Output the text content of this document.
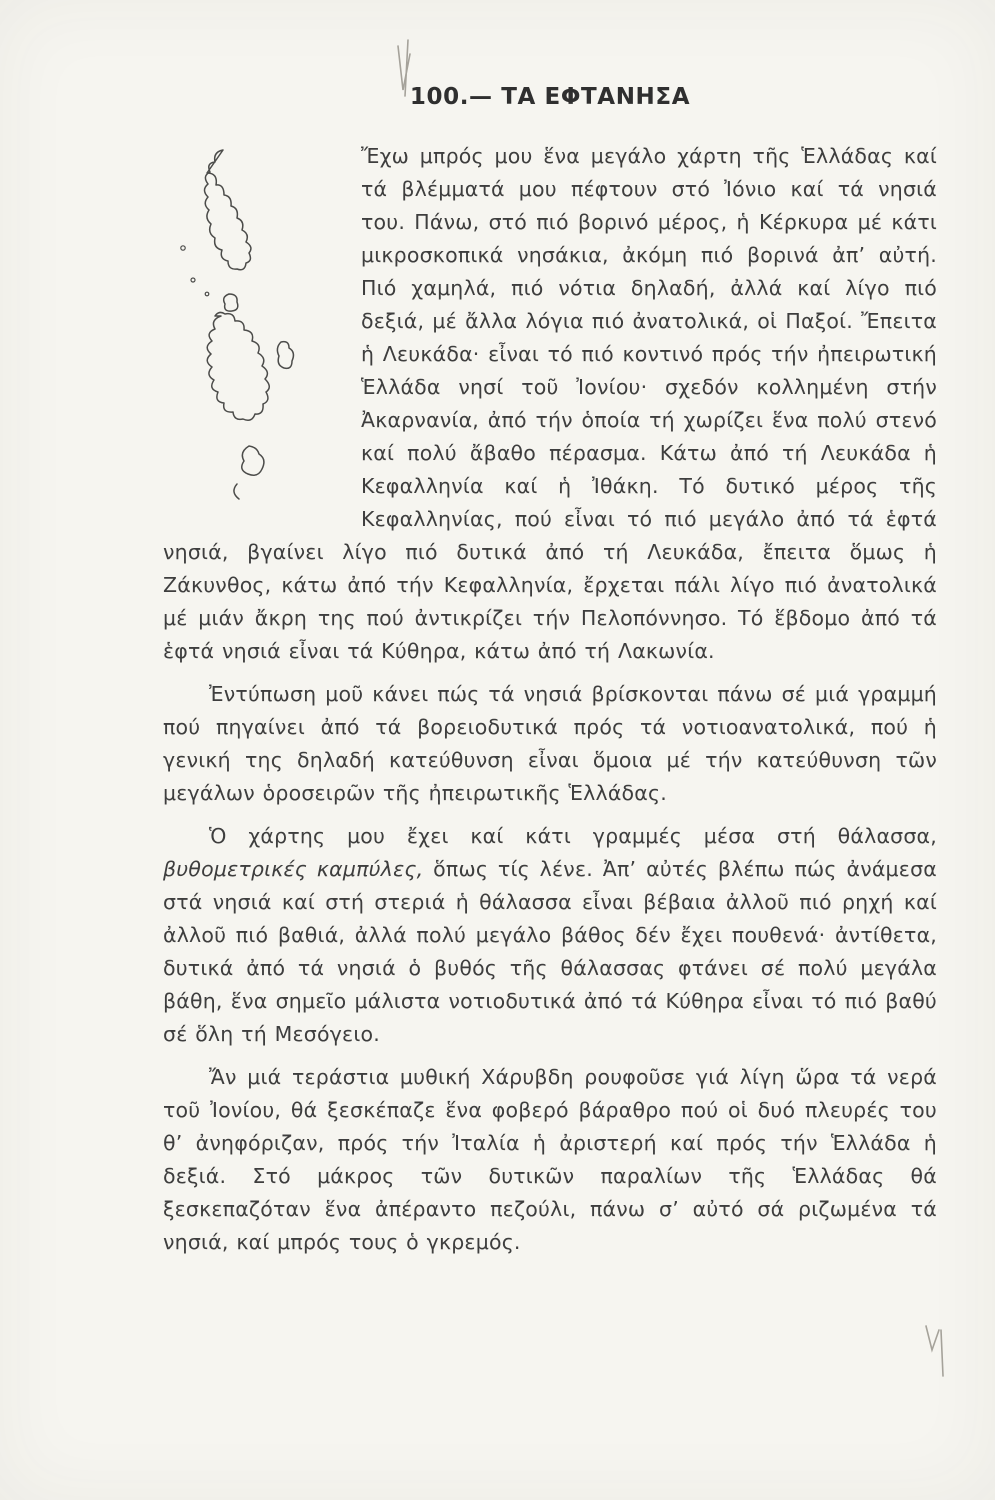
100.— ΤΑ ΕΦΤΑΝΗΣΑ

Ἔχω μπρός μου ἕνα μεγάλο χάρτη τῆς Ἑλλάδας καί τά βλέμματά μου πέφτουν στό Ἰόνιο καί τά νησιά του. Πάνω, στό πιό βορινό μέρος, ἡ Κέρκυρα μέ κάτι μικροσκοπικά νησάκια, ἀκόμη πιό βορινά ἀπ’ αὐτή. Πιό χαμηλά, πιό νότια δηλαδή, ἀλλά καί λίγο πιό δεξιά, μέ ἄλλα λόγια πιό ἀνατολικά, οἱ Παξοί. Ἔπειτα ἡ Λευκάδα· εἶναι τό πιό κοντινό πρός τήν ἠπειρωτική Ἑλλάδα νησί τοῦ Ἰονίου· σχεδόν κολλημένη στήν Ἀκαρνανία, ἀπό τήν ὁποία τή χωρίζει ἕνα πολύ στενό καί πολύ ἄβαθο πέρασμα. Κάτω ἀπό τή Λευκάδα ἡ Κεφαλληνία καί ἡ Ἰθάκη. Τό δυτικό μέρος τῆς Κεφαλληνίας, πού εἶναι τό πιό μεγάλο ἀπό τά ἑφτά νησιά, βγαίνει λίγο πιό δυτικά ἀπό τή Λευκάδα, ἔπειτα ὅμως ἡ Ζάκυνθος, κάτω ἀπό τήν Κεφαλληνία, ἔρχεται πάλι λίγο πιό ἀνατολικά μέ μιάν ἄκρη της πού ἀντικρίζει τήν Πελοπόννησο. Τό ἕβδομο ἀπό τά ἑφτά νησιά εἶναι τά Κύθηρα, κάτω ἀπό τή Λακωνία.

Ἐντύπωση μοῦ κάνει πώς τά νησιά βρίσκονται πάνω σέ μιά γραμμή πού πηγαίνει ἀπό τά βορειοδυτικά πρός τά νοτιοανατολικά, πού ἡ γενική της δηλαδή κατεύθυνση εἶναι ὅμοια μέ τήν κατεύθυνση τῶν μεγάλων ὁροσειρῶν τῆς ἠπειρωτικῆς Ἑλλάδας.

Ὁ χάρτης μου ἔχει καί κάτι γραμμές μέσα στή θάλασσα, βυθομετρικές καμπύλες, ὅπως τίς λένε. Ἀπ’ αὐτές βλέπω πώς ἀνάμεσα στά νησιά καί στή στεριά ἡ θάλασσα εἶναι βέβαια ἀλλοῦ πιό ρηχή καί ἀλλοῦ πιό βαθιά, ἀλλά πολύ μεγάλο βάθος δέν ἔχει πουθενά· ἀντίθετα, δυτικά ἀπό τά νησιά ὁ βυθός τῆς θάλασσας φτάνει σέ πολύ μεγάλα βάθη, ἕνα σημεῖο μάλιστα νοτιοδυτικά ἀπό τά Κύθηρα εἶναι τό πιό βαθύ σέ ὅλη τή Μεσόγειο.

Ἄν μιά τεράστια μυθική Χάρυβδη ρουφοῦσε γιά λίγη ὥρα τά νερά τοῦ Ἰονίου, θά ξεσκέπαζε ἕνα φοβερό βάραθρο πού οἱ δυό πλευρές του θ’ ἀνηφόριζαν, πρός τήν Ἰταλία ἡ ἀριστερή καί πρός τήν Ἑλλάδα ἡ δεξιά. Στό μάκρος τῶν δυτικῶν παραλίων τῆς Ἑλλάδας θά ξεσκεπαζόταν ἕνα ἀπέραντο πεζούλι, πάνω σ’ αὐτό σά ριζωμένα τά νησιά, καί μπρός τους ὁ γκρεμός.
